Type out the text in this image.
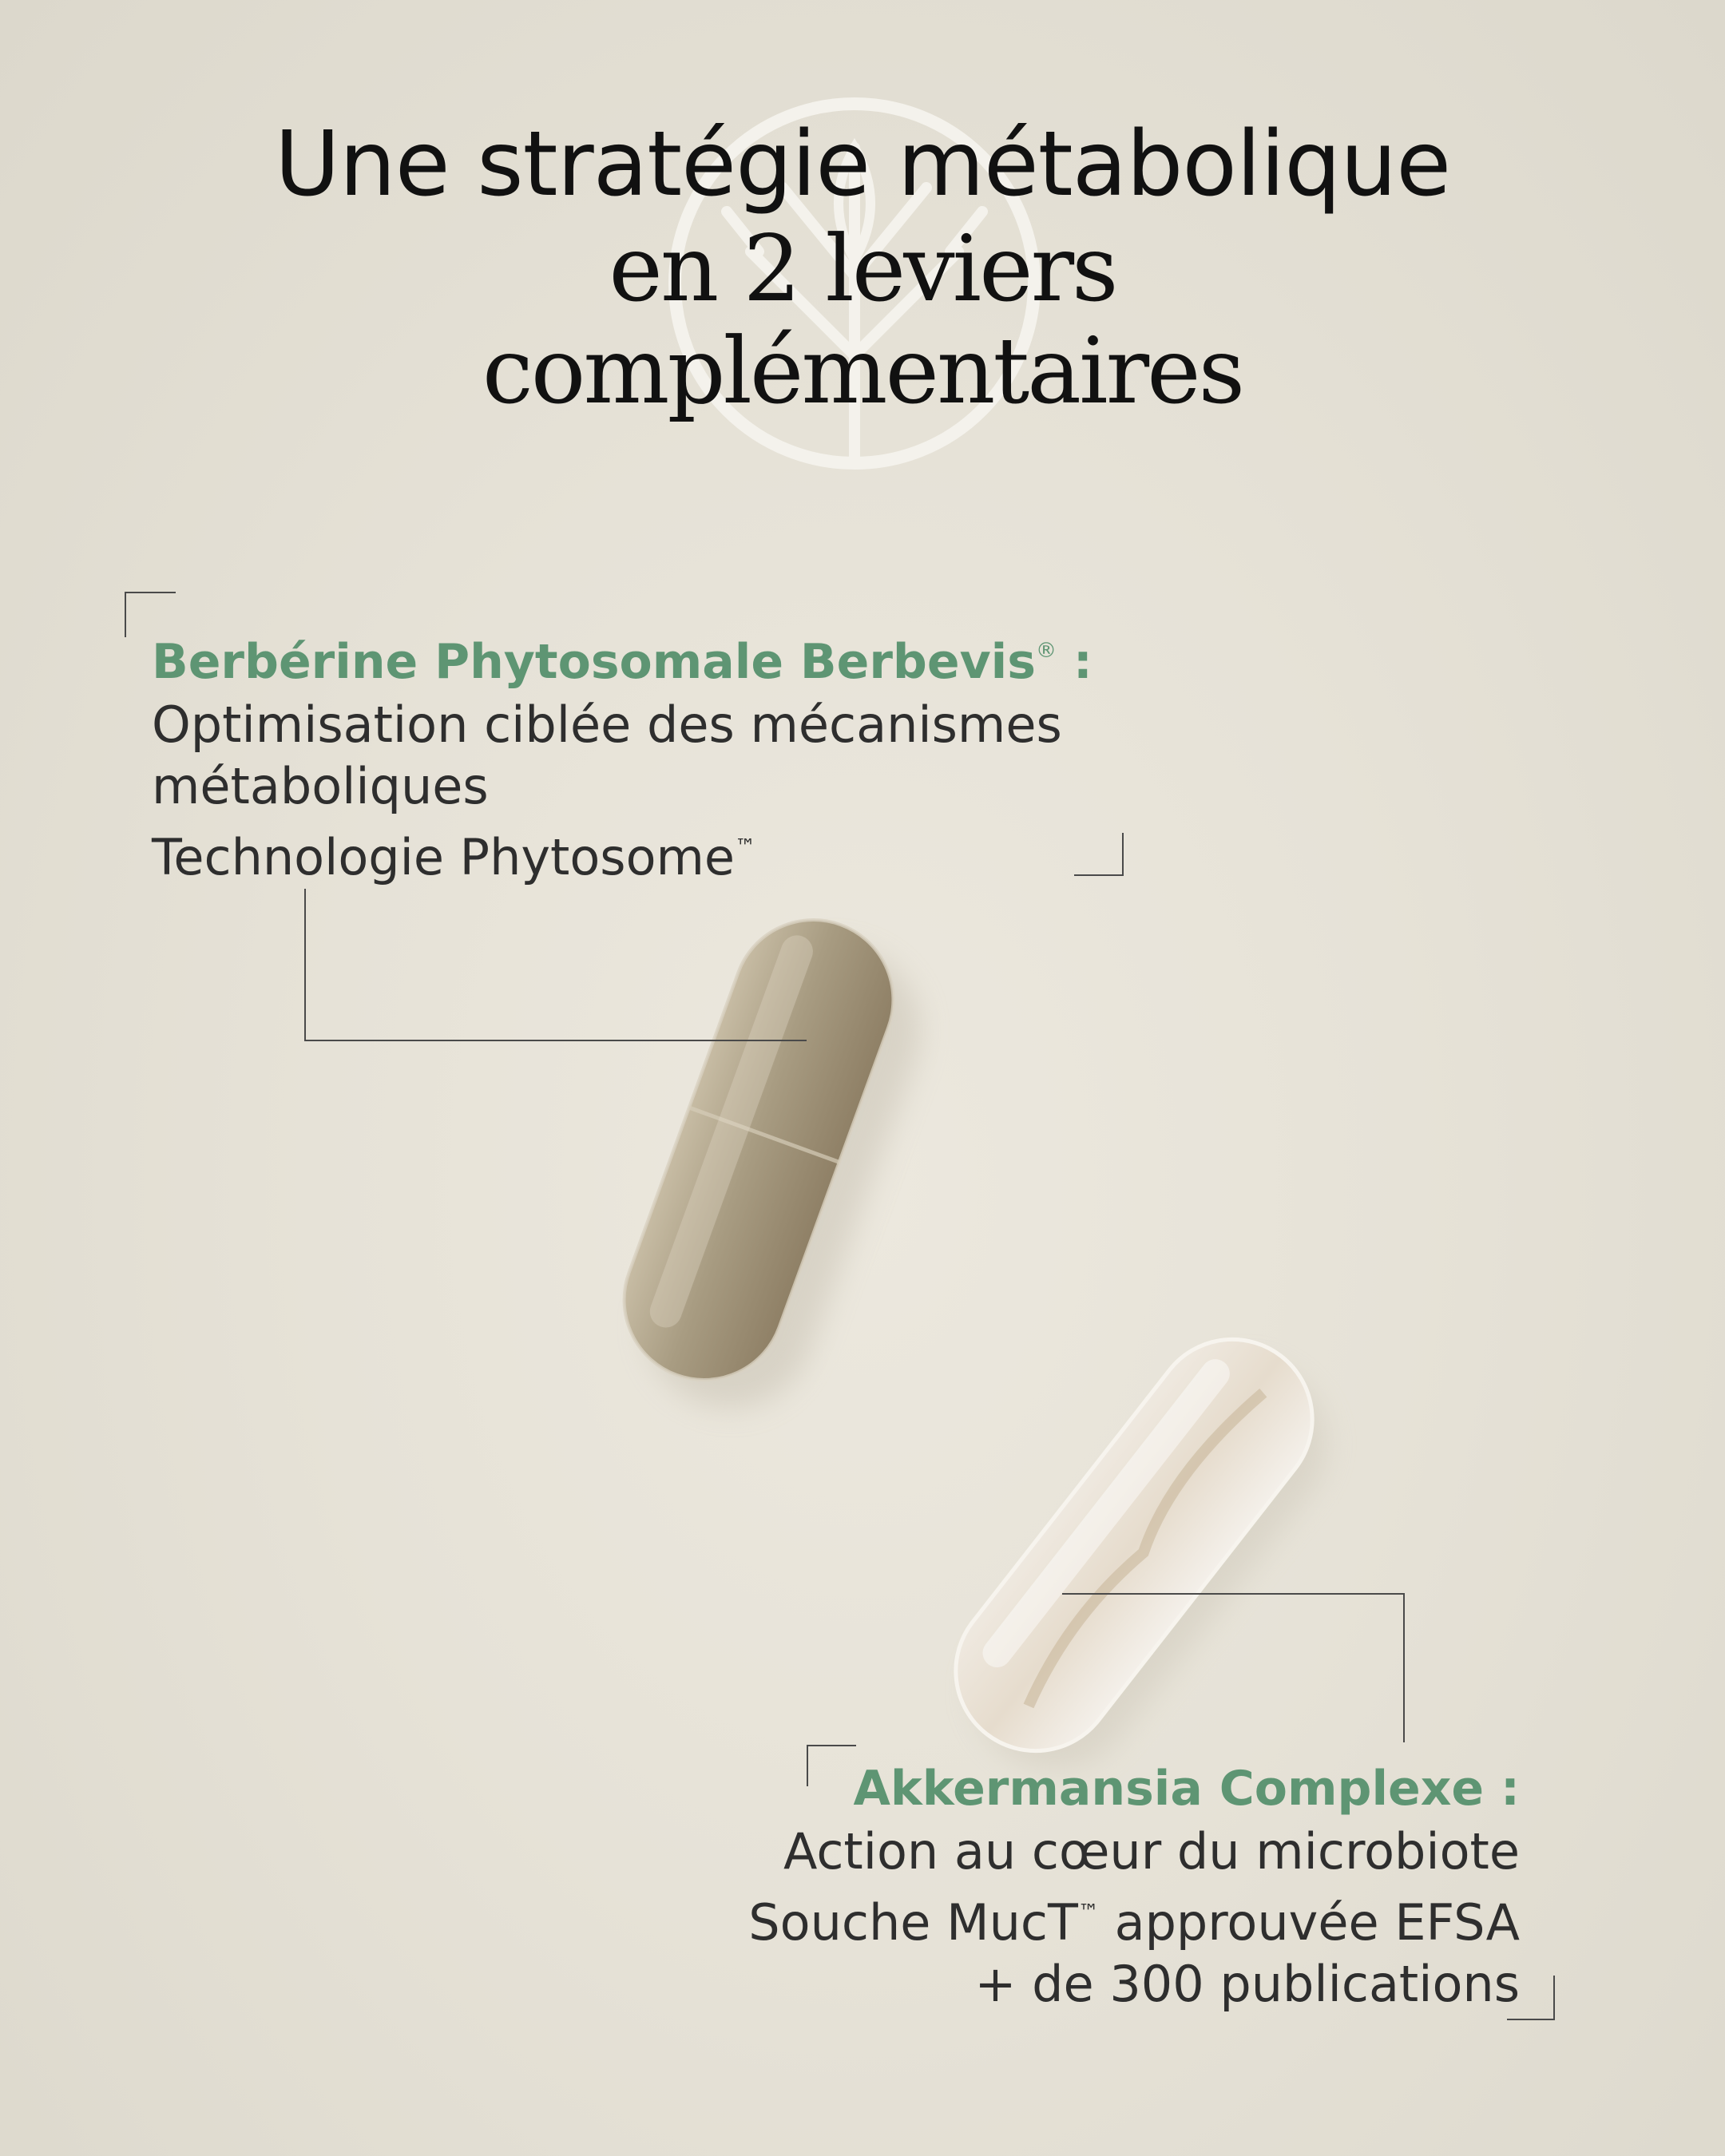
Une stratégie métabolique
en 2 leviers
complémentaires
Berbérine Phytosomale Berbevis® :
Optimisation ciblée des mécanismes
métaboliques
Technologie Phytosome™
Akkermansia Complexe :
Action au cœur du microbiote
Souche MucT™ approuvée EFSA
+ de 300 publications
